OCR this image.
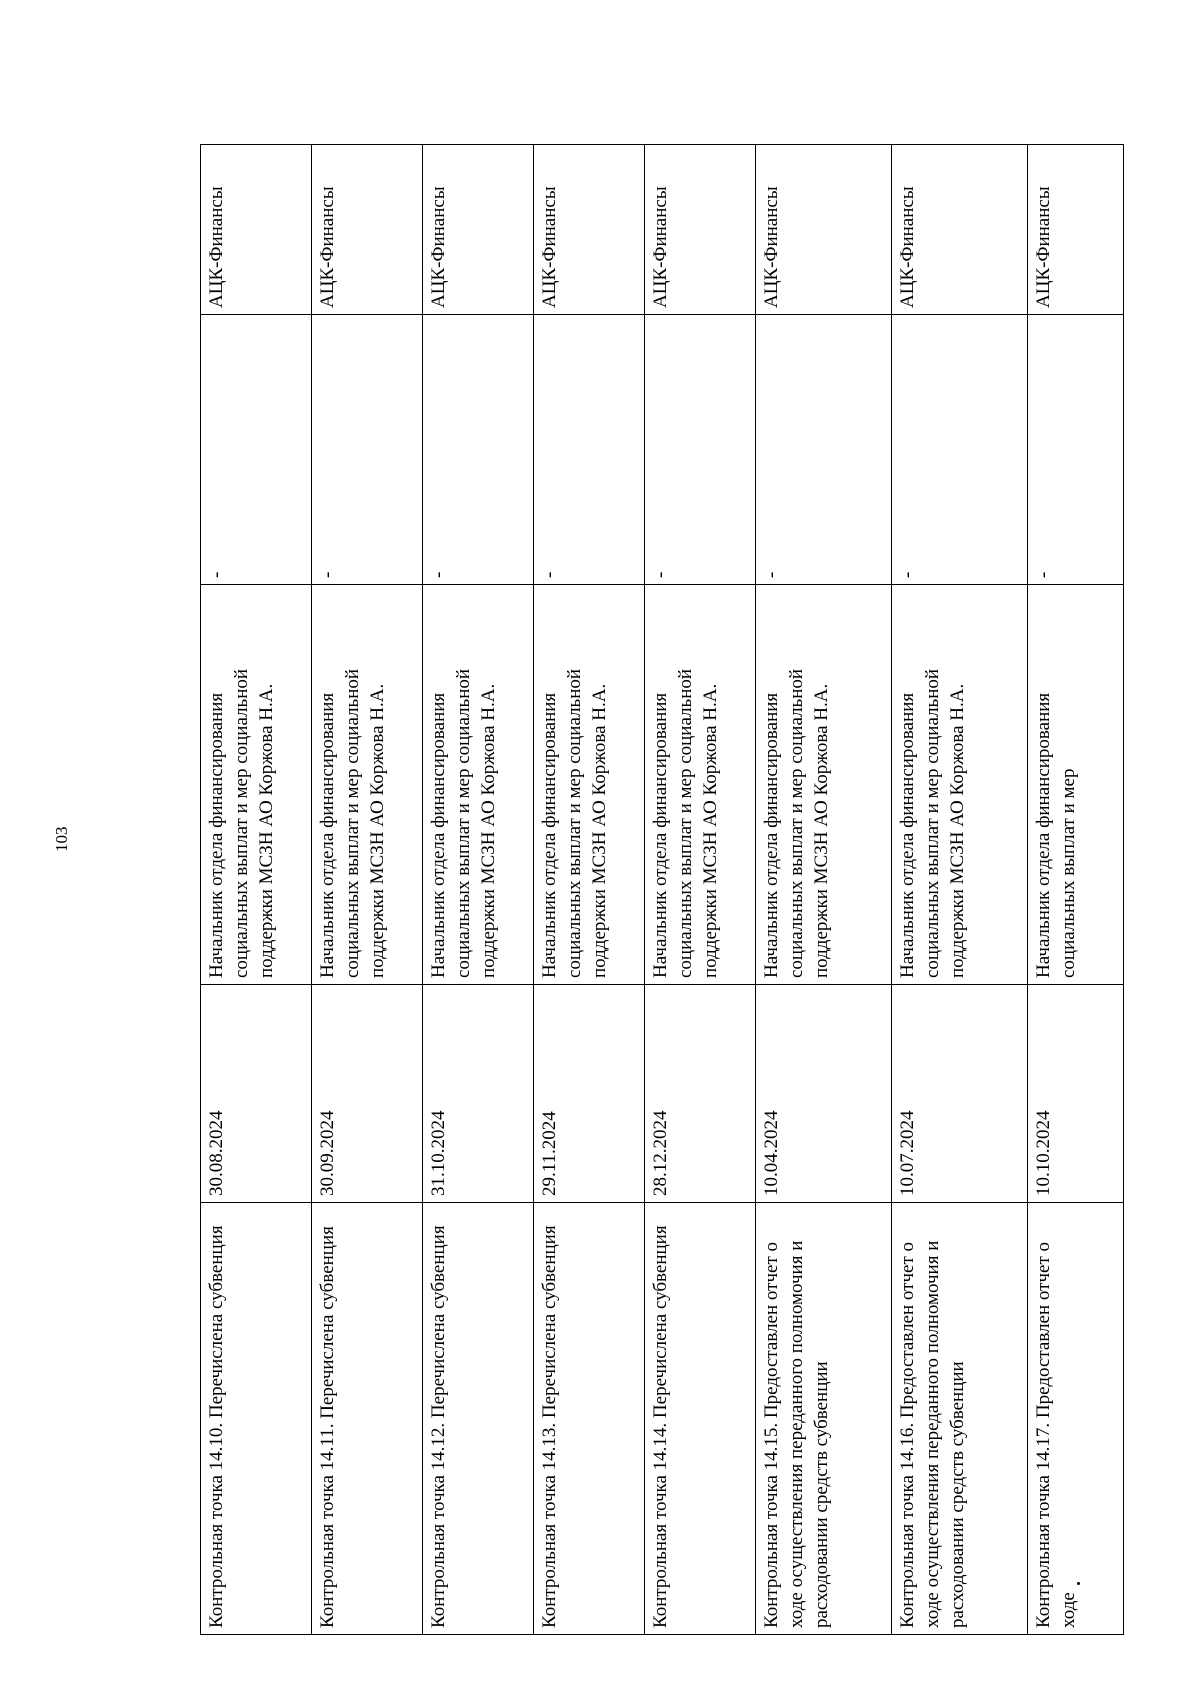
103
Контрольная точка 14.10. Перечислена субвенция	30.08.2024	Начальник отдела финансирования социальных выплат и мер социальной поддержки МСЗН АО Коржова Н.А.	-	АЦК-Финансы
Контрольная точка 14.11. Перечислена субвенция	30.09.2024	Начальник отдела финансирования социальных выплат и мер социальной поддержки МСЗН АО Коржова Н.А.	-	АЦК-Финансы
Контрольная точка 14.12. Перечислена субвенция	31.10.2024	Начальник отдела финансирования социальных выплат и мер социальной поддержки МСЗН АО Коржова Н.А.	-	АЦК-Финансы
Контрольная точка 14.13. Перечислена субвенция	29.11.2024	Начальник отдела финансирования социальных выплат и мер социальной поддержки МСЗН АО Коржова Н.А.	-	АЦК-Финансы
Контрольная точка 14.14. Перечислена субвенция	28.12.2024	Начальник отдела финансирования социальных выплат и мер социальной поддержки МСЗН АО Коржова Н.А.	-	АЦК-Финансы
Контрольная точка 14.15. Предоставлен отчет о ходе осуществления переданного полномочия и расходовании средств субвенции	10.04.2024	Начальник отдела финансирования социальных выплат и мер социальной поддержки МСЗН АО Коржова Н.А.	-	АЦК-Финансы
Контрольная точка 14.16. Предоставлен отчет о ходе осуществления переданного полномочия и расходовании средств субвенции	10.07.2024	Начальник отдела финансирования социальных выплат и мер социальной поддержки МСЗН АО Коржова Н.А.	-	АЦК-Финансы
Контрольная точка 14.17. Предоставлен отчет о ходе	10.10.2024	Начальник отдела финансирования социальных выплат и мер	-	АЦК-Финансы
